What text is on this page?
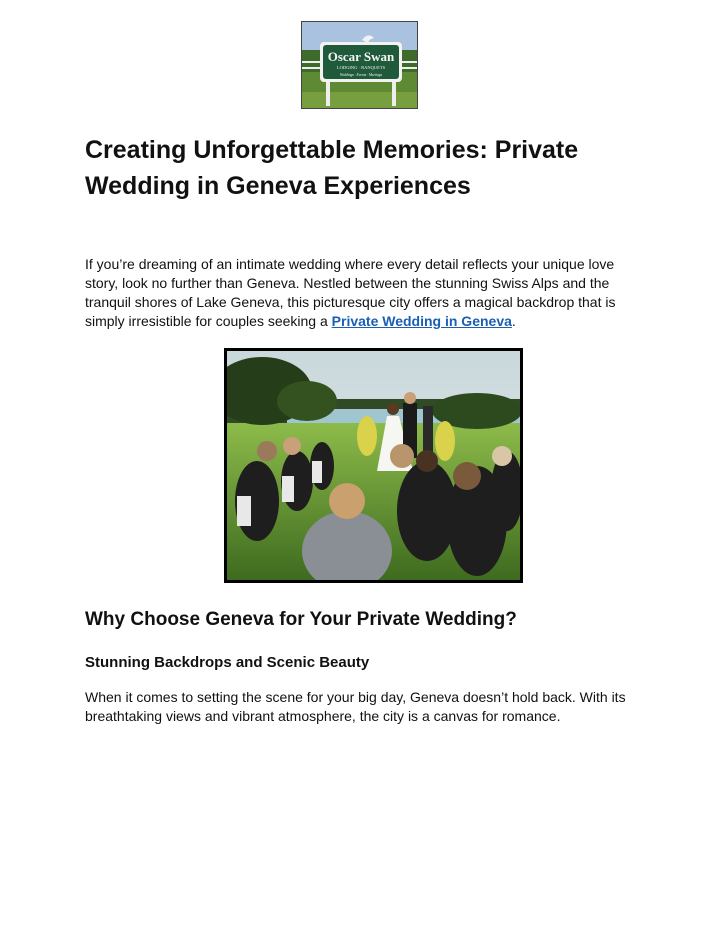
Oscar Swan
LODGING · BANQUETS
Weddings · Events · Meetings
Creating Unforgettable Memories: Private Wedding in Geneva Experiences

If you’re dreaming of an intimate wedding where every detail reflects your unique love story, look no further than Geneva. Nestled between the stunning Swiss Alps and the tranquil shores of Lake Geneva, this picturesque city offers a magical backdrop that is simply irresistible for couples seeking a Private Wedding in Geneva.

Why Choose Geneva for Your Private Wedding?
Stunning Backdrops and Scenic Beauty

When it comes to setting the scene for your big day, Geneva doesn’t hold back. With its breathtaking views and vibrant atmosphere, the city is a canvas for romance.
